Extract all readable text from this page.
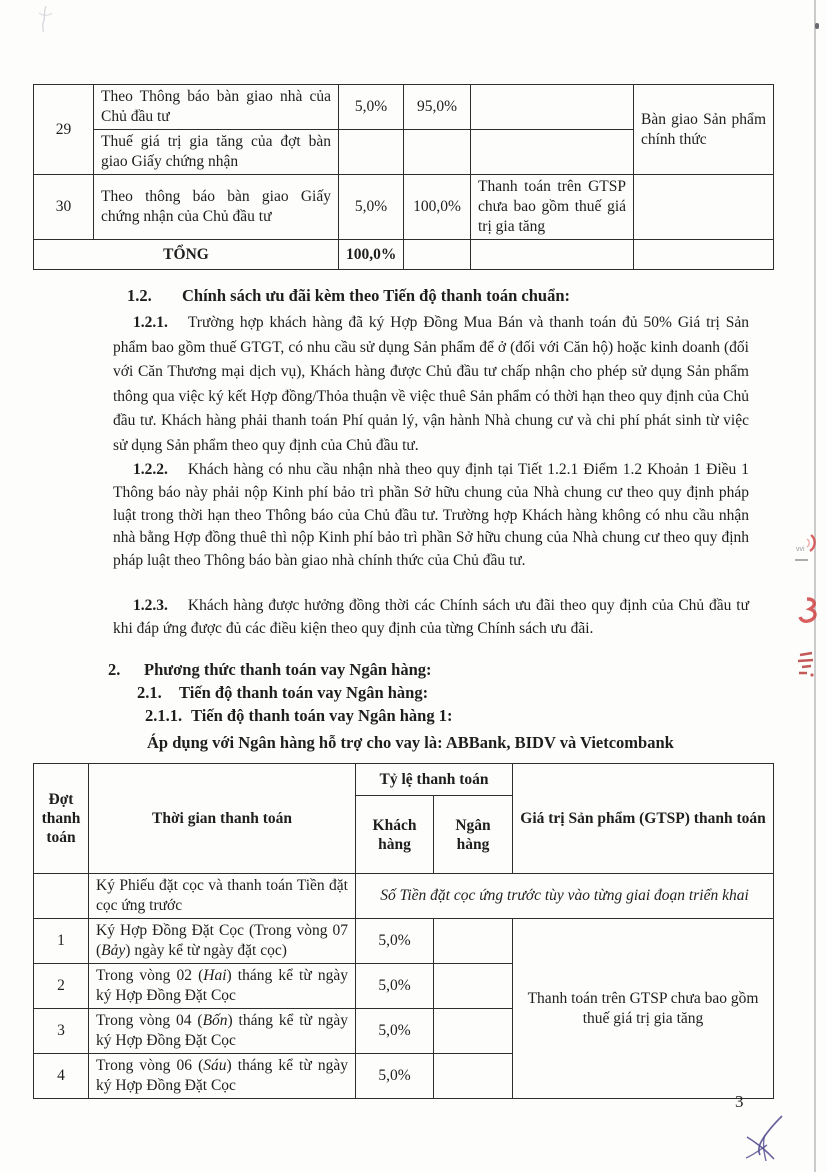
29	Theo Thông báo bàn giao nhà của Chủ đầu tư	5,0%	95,0%		Bàn giao Sản phẩm chính thức
	Thuế giá trị gia tăng của đợt bàn giao Giấy chứng nhận				
30	Theo thông báo bàn giao Giấy chứng nhận của Chủ đầu tư	5,0%	100,0%	Thanh toán trên GTSP chưa bao gồm thuế giá trị gia tăng	
TỔNG		100,0%			
1.2. Chính sách ưu đãi kèm theo Tiến độ thanh toán chuẩn:

1.2.1. Trường hợp khách hàng đã ký Hợp Đồng Mua Bán và thanh toán đủ 50% Giá trị Sản phẩm bao gồm thuế GTGT, có nhu cầu sử dụng Sản phẩm để ở (đối với Căn hộ) hoặc kinh doanh (đối với Căn Thương mại dịch vụ), Khách hàng được Chủ đầu tư chấp nhận cho phép sử dụng Sản phẩm thông qua việc ký kết Hợp đồng/Thỏa thuận về việc thuê Sản phẩm có thời hạn theo quy định của Chủ đầu tư. Khách hàng phải thanh toán Phí quản lý, vận hành Nhà chung cư và chi phí phát sinh từ việc sử dụng Sản phẩm theo quy định của Chủ đầu tư.

1.2.2. Khách hàng có nhu cầu nhận nhà theo quy định tại Tiết 1.2.1 Điểm 1.2 Khoản 1 Điều 1 Thông báo này phải nộp Kinh phí bảo trì phần Sở hữu chung của Nhà chung cư theo quy định pháp luật trong thời hạn theo Thông báo của Chủ đầu tư. Trường hợp Khách hàng không có nhu cầu nhận nhà bằng Hợp đồng thuê thì nộp Kinh phí bảo trì phần Sở hữu chung của Nhà chung cư theo quy định pháp luật theo Thông báo bàn giao nhà chính thức của Chủ đầu tư.

1.2.3. Khách hàng được hưởng đồng thời các Chính sách ưu đãi theo quy định của Chủ đầu tư khi đáp ứng được đủ các điều kiện theo quy định của từng Chính sách ưu đãi.

2. Phương thức thanh toán vay Ngân hàng:
2.1. Tiến độ thanh toán vay Ngân hàng:
2.1.1. Tiến độ thanh toán vay Ngân hàng 1:
Áp dụng với Ngân hàng hỗ trợ cho vay là: ABBank, BIDV và Vietcombank
Đợt thanh toán	Thời gian thanh toán	Tỷ lệ thanh toán		Giá trị Sản phẩm (GTSP) thanh toán
		Khách hàng	Ngân hàng	
	Ký Phiếu đặt cọc và thanh toán Tiền đặt cọc ứng trước	Số Tiền đặt cọc ứng trước tùy vào từng giai đoạn triển khai		
1	Ký Hợp Đồng Đặt Cọc (Trong vòng 07 (Bảy) ngày kể từ ngày đặt cọc)	5,0%		Thanh toán trên GTSP chưa bao gồm thuế giá trị gia tăng
2	Trong vòng 02 (Hai) tháng kể từ ngày ký Hợp Đồng Đặt Cọc	5,0%		
3	Trong vòng 04 (Bốn) tháng kể từ ngày ký Hợp Đồng Đặt Cọc	5,0%		
4	Trong vòng 06 (Sáu) tháng kể từ ngày ký Hợp Đồng Đặt Cọc	5,0%		
3
vvi
